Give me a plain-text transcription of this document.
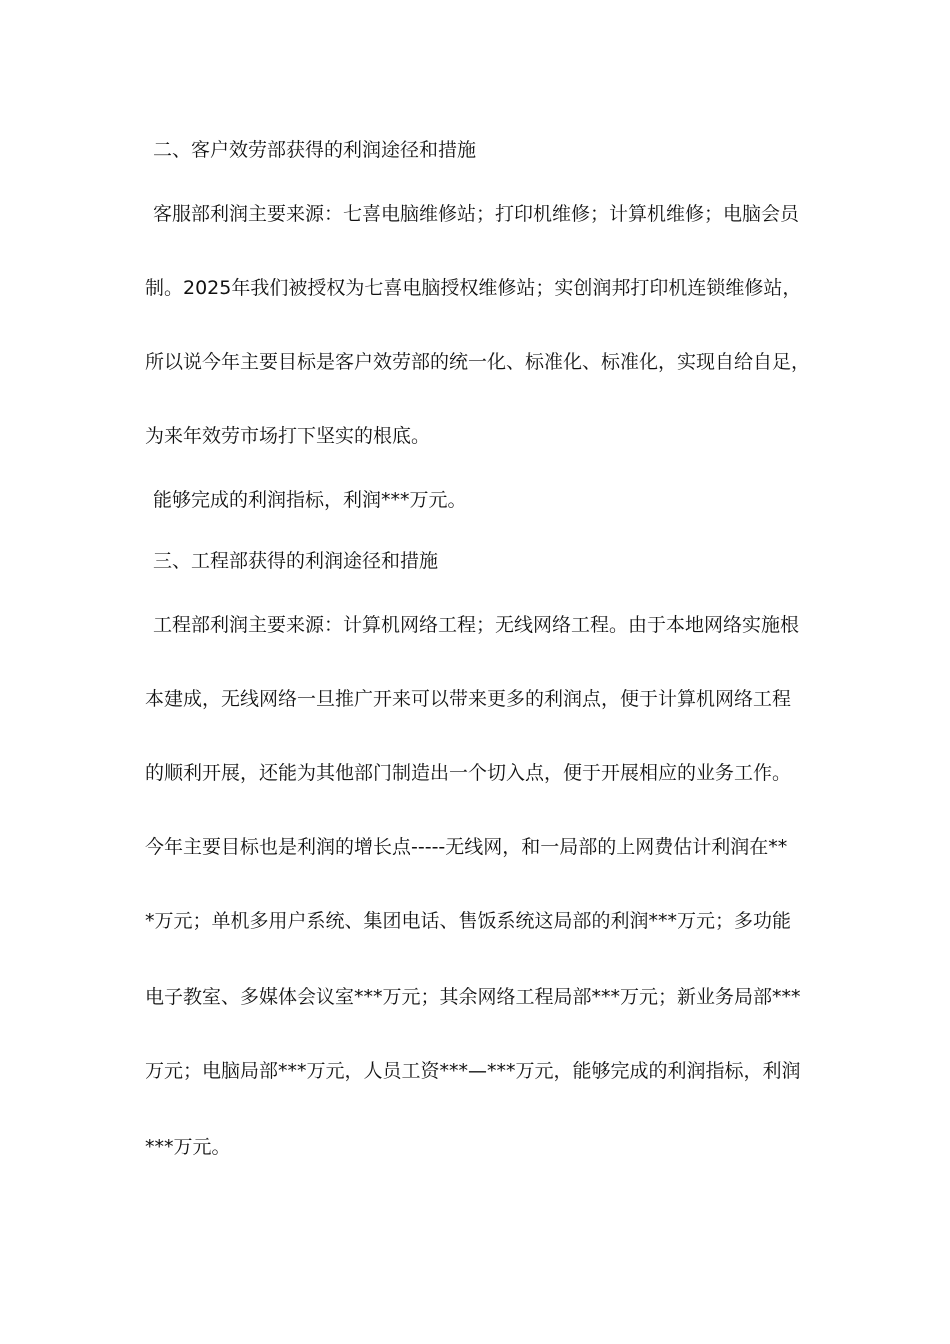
二、客户效劳部获得的利润途径和措施
客服部利润主要来源：七喜电脑维修站；打印机维修；计算机维修；电脑会员
制。2025年我们被授权为七喜电脑授权维修站；实创润邦打印机连锁维修站，
所以说今年主要目标是客户效劳部的统一化、标准化、标准化，实现自给自足，
为来年效劳市场打下坚实的根底。
能够完成的利润指标，利润***万元。
三、工程部获得的利润途径和措施
工程部利润主要来源：计算机网络工程；无线网络工程。由于本地网络实施根
本建成，无线网络一旦推广开来可以带来更多的利润点，便于计算机网络工程
的顺利开展，还能为其他部门制造出一个切入点，便于开展相应的业务工作。
今年主要目标也是利润的增长点-----无线网，和一局部的上网费估计利润在**
*万元；单机多用户系统、集团电话、售饭系统这局部的利润***万元；多功能
电子教室、多媒体会议室***万元；其余网络工程局部***万元；新业务局部***
万元；电脑局部***万元，人员工资***—***万元，能够完成的利润指标，利润
***万元。
